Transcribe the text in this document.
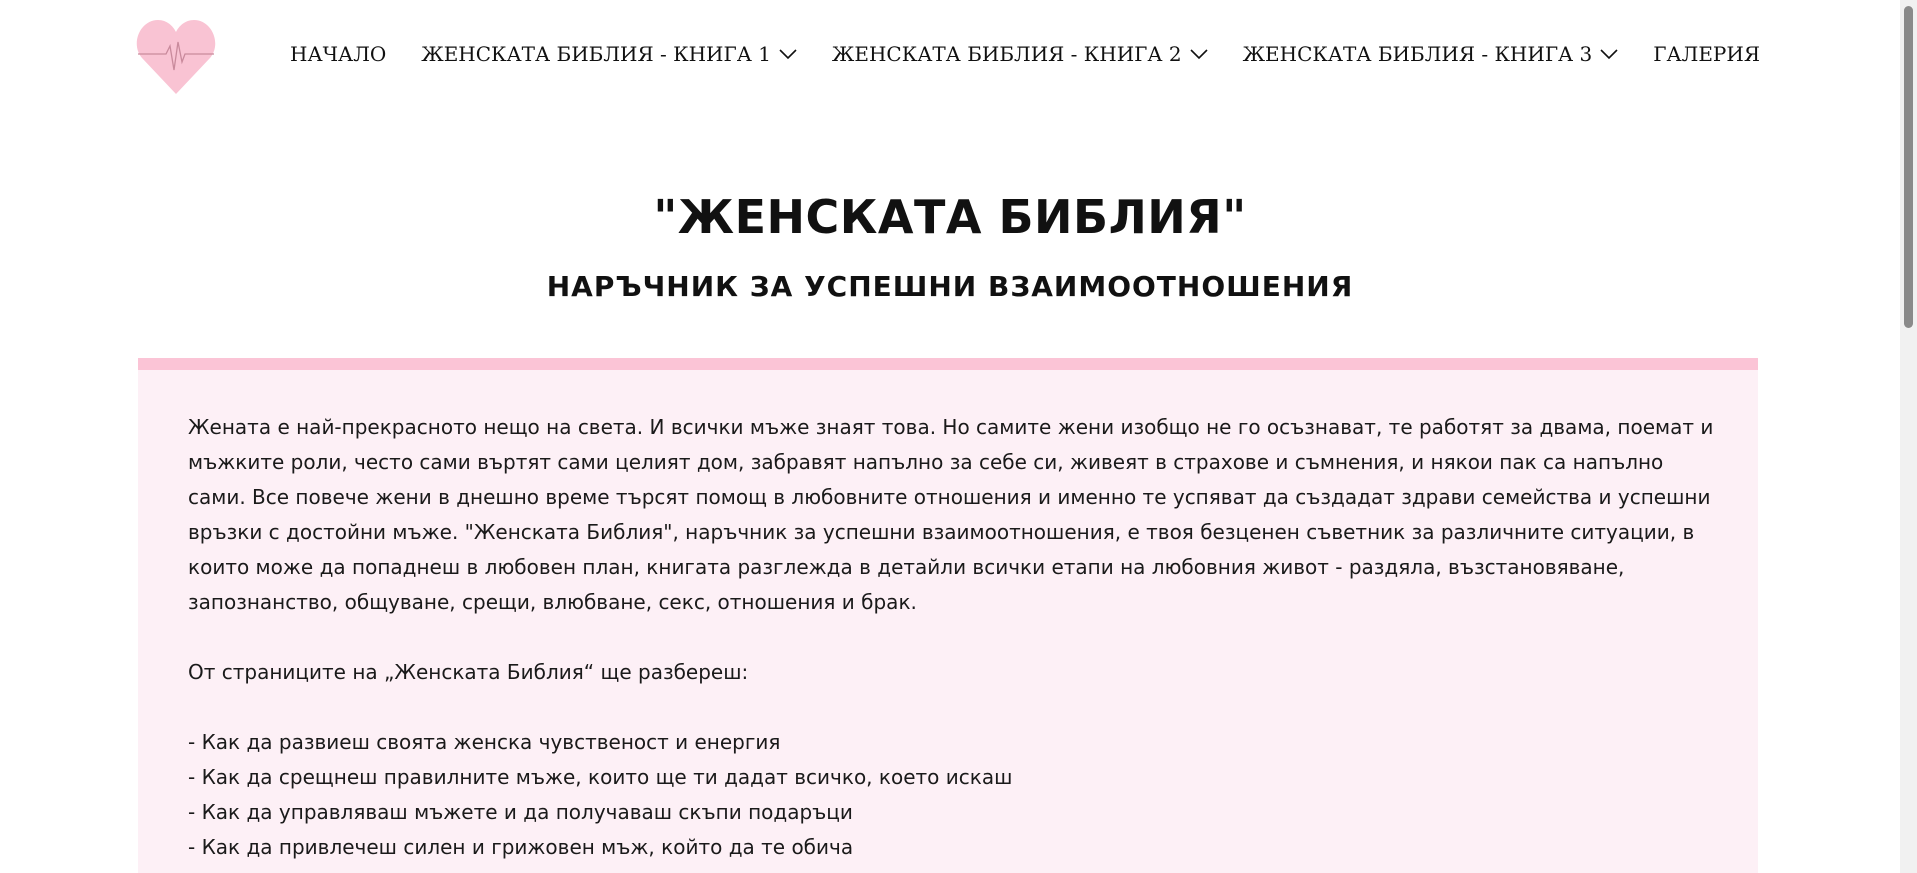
НАЧАЛО ЖЕНСКАТА БИБЛИЯ - КНИГА 1	ЖЕНСКАТА БИБЛИЯ - КНИГА 2	ЖЕНСКАТА БИБЛИЯ - КНИГА 3	ГАЛЕРИЯ
"ЖЕНСКАТА БИБЛИЯ"
НАРЪЧНИК ЗА УСПЕШНИ ВЗАИМООТНОШЕНИЯ

Жената е най-прекрасното нещо на света. И всички мъже знаят това. Но самите жени изобщо не го осъзнават, те работят за двама, поемат и мъжките роли, често сами въртят сами целият дом, забравят напълно за себе си, живеят в страхове и съмнения, и някои пак са напълно сами. Все повече жени в днешно време търсят помощ в любовните отношения и именно те успяват да създадат здрави семейства и успешни връзки с достойни мъже. "Женската Библия", наръчник за успешни взаимоотношения, е твоя безценен съветник за различните ситуации, в които може да попаднеш в любовен план, книгата разглежда в детайли всички етапи на любовния живот - раздяла, възстановяване, запознанство, общуване, срещи, влюбване, секс, отношения и брак.

От страниците на „Женската Библия“ ще разбереш:

- Как да развиеш своята женска чувственост и енергия

- Как да срещнеш правилните мъже, които ще ти дадат всичко, което искаш

- Как да управляваш мъжете и да получаваш скъпи подаръци

- Как да привлечеш силен и грижовен мъж, който да те обича
